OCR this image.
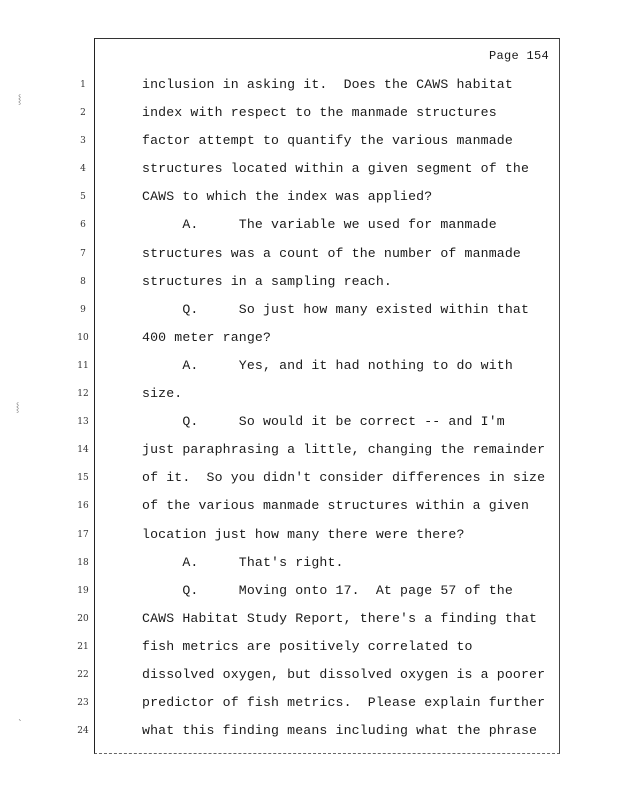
⸾
⸾
ˎ
Page 154
1	inclusion in asking it.  Does the CAWS habitat
2	index with respect to the manmade structures
3	factor attempt to quantify the various manmade
4	structures located within a given segment of the
5	CAWS to which the index was applied?
6	A.     The variable we used for manmade
7	structures was a count of the number of manmade
8	structures in a sampling reach.
9	Q.     So just how many existed within that
10	400 meter range?
11	A.     Yes, and it had nothing to do with
12	size.
13	Q.     So would it be correct -- and I'm
14	just paraphrasing a little, changing the remainder
15	of it.  So you didn't consider differences in size
16	of the various manmade structures within a given
17	location just how many there were there?
18	A.     That's right.
19	Q.     Moving onto 17.  At page 57 of the
20	CAWS Habitat Study Report, there's a finding that
21	fish metrics are positively correlated to
22	dissolved oxygen, but dissolved oxygen is a poorer
23	predictor of fish metrics.  Please explain further
24	what this finding means including what the phrase
